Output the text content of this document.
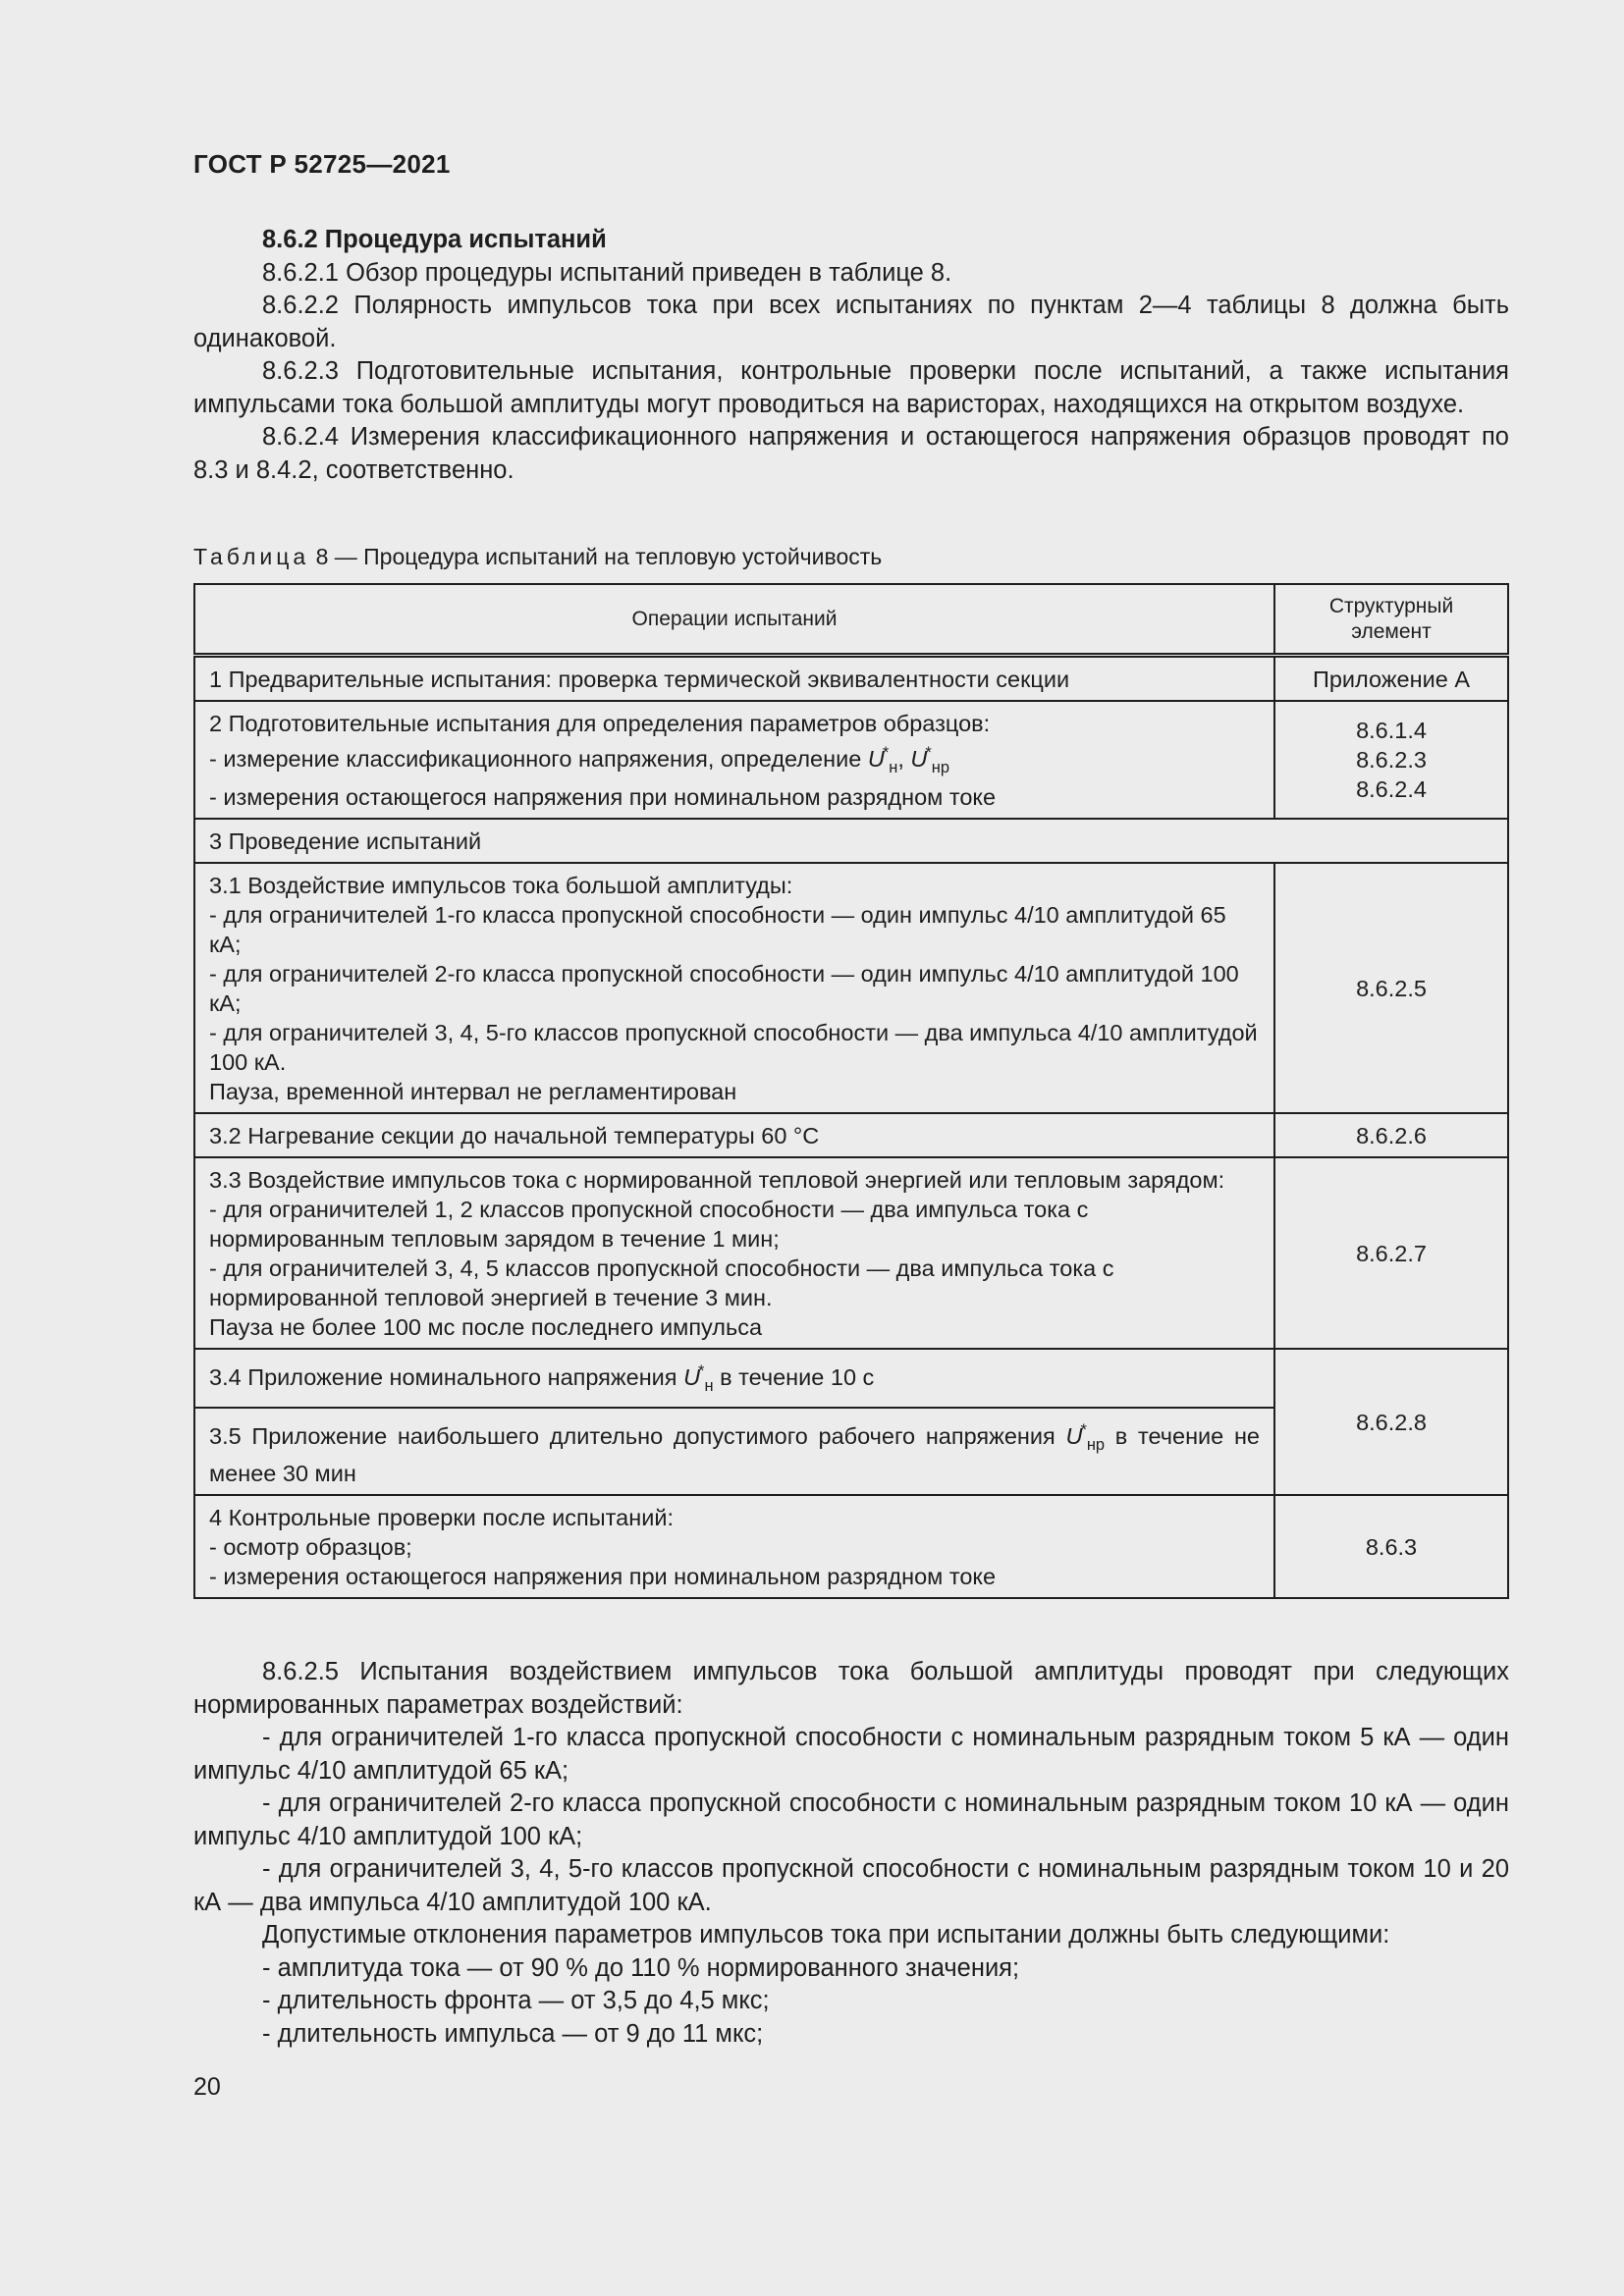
ГОСТ Р 52725—2021

8.6.2 Процедура испытаний

8.6.2.1 Обзор процедуры испытаний приведен в таблице 8.

8.6.2.2 Полярность импульсов тока при всех испытаниях по пунктам 2—4 таблицы 8 должна быть одинаковой.

8.6.2.3 Подготовительные испытания, контрольные проверки после испытаний, а также испытания импульсами тока большой амплитуды могут проводиться на варисторах, находящихся на открытом воздухе.

8.6.2.4 Измерения классификационного напряжения и остающегося напряжения образцов проводят по 8.3 и 8.4.2, соответственно.

Таблица 8 — Процедура испытаний на тепловую устойчивость
Операции испытаний	Структурный
элемент
1 Предварительные испытания: проверка термической эквивалентности секции	Приложение А
2 Подготовительные испытания для определения параметров образцов:
- измерение классификационного напряжения, определение $U^*_н$, $U^*_{нр}$
- измерения остающегося напряжения при номинальном разрядном токе	8.6.1.4
8.6.2.3
8.6.2.4
3 Проведение испытаний	
3.1 Воздействие импульсов тока большой амплитуды:
- для ограничителей 1-го класса пропускной способности — один импульс 4/10 амплитудой 65 кА;
- для ограничителей 2-го класса пропускной способности — один импульс 4/10 амплитудой 100 кА;
- для ограничителей 3, 4, 5-го классов пропускной способности — два импульса 4/10 амплитудой 100 кА.
Пауза, временной интервал не регламентирован	8.6.2.5
3.2 Нагревание секции до начальной температуры 60 °С	8.6.2.6
3.3 Воздействие импульсов тока с нормированной тепловой энергией или тепловым зарядом:
- для ограничителей 1, 2 классов пропускной способности — два импульса тока с нормированным тепловым зарядом в течение 1 мин;
- для ограничителей 3, 4, 5 классов пропускной способности — два импульса тока с нормированной тепловой энергией в течение 3 мин.
Пауза не более 100 мс после последнего импульса	8.6.2.7
3.4 Приложение номинального напряжения $U^*_н$ в течение 10 с	8.6.2.8
3.5 Приложение наибольшего длительно допустимого рабочего напряжения $U^*_{нр}$ в течение не менее 30 мин	
4 Контрольные проверки после испытаний:
- осмотр образцов;
- измерения остающегося напряжения при номинальном разрядном токе	8.6.3

8.6.2.5 Испытания воздействием импульсов тока большой амплитуды проводят при следующих нормированных параметрах воздействий:

- для ограничителей 1-го класса пропускной способности с номинальным разрядным током 5 кА — один импульс 4/10 амплитудой 65 кА;

- для ограничителей 2-го класса пропускной способности с номинальным разрядным током 10 кА — один импульс 4/10 амплитудой 100 кА;

- для ограничителей 3, 4, 5-го классов пропускной способности с номинальным разрядным током 10 и 20 кА — два импульса 4/10 амплитудой 100 кА.

Допустимые отклонения параметров импульсов тока при испытании должны быть следующими:

- амплитуда тока — от 90 % до 110 % нормированного значения;

- длительность фронта — от 3,5 до 4,5 мкс;

- длительность импульса — от 9 до 11 мкс;

20
